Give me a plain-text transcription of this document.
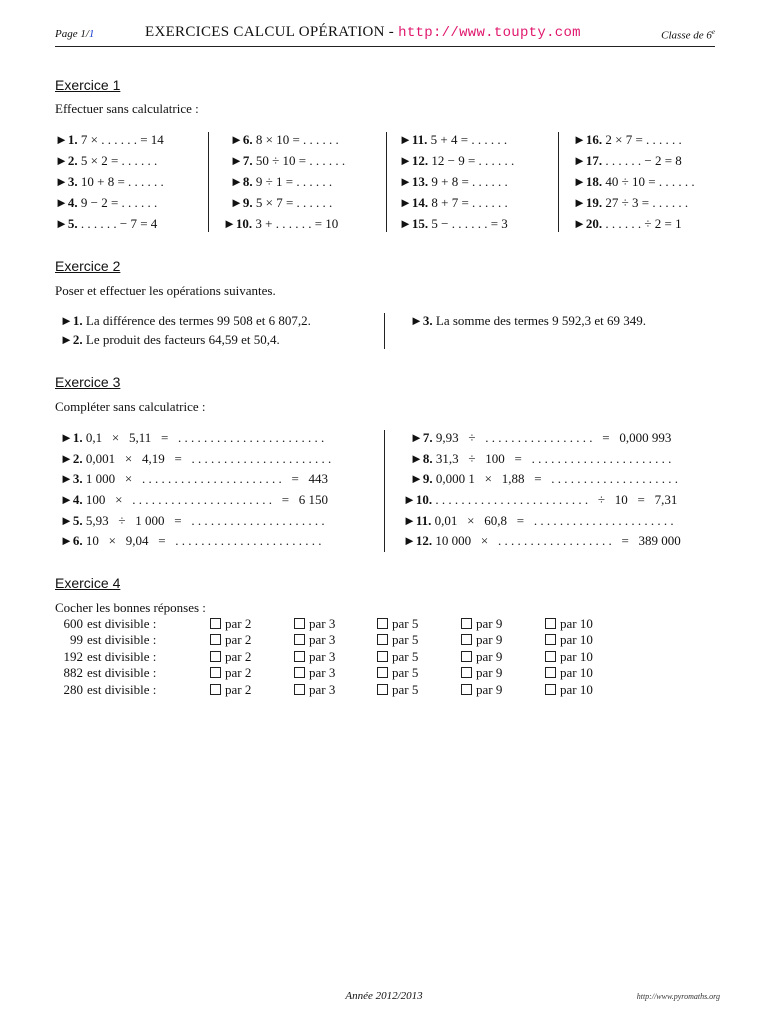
Page 1/1	EXERCICES CALCUL OPÉRATION - http://www.toupty.com	Classe de 6e
Exercice 1
Effectuer sans calculatrice :
►1. 7 × . . . . . . = 14
►2. 5 × 2 = . . . . . .
►3. 10 + 8 = . . . . . .
►4. 9 − 2 = . . . . . .
►5. . . . . . . − 7 = 4
►6. 8 × 10 = . . . . . .
►7. 50 ÷ 10 = . . . . . .
►8. 9 ÷ 1 = . . . . . .
►9. 5 × 7 = . . . . . .
►10. 3 + . . . . . . = 10
►11. 5 + 4 = . . . . . .
►12. 12 − 9 = . . . . . .
►13. 9 + 8 = . . . . . .
►14. 8 + 7 = . . . . . .
►15. 5 − . . . . . . = 3
►16. 2 × 7 = . . . . . .
►17. . . . . . . − 2 = 8
►18. 40 ÷ 10 = . . . . . .
►19. 27 ÷ 3 = . . . . . .
►20. . . . . . . ÷ 2 = 1
Exercice 2
Poser et effectuer les opérations suivantes.
►1. La différence des termes 99 508 et 6 807,2.
►2. Le produit des facteurs 64,59 et 50,4.
►3. La somme des termes 9 592,3 et 69 349.
Exercice 3
Compléter sans calculatrice :
►1. 0,1   ×   5,11   =   . . . . . . . . . . . . . . . . . . . . . . .
►2. 0,001   ×   4,19   =   . . . . . . . . . . . . . . . . . . . . . .
►3. 1 000   ×   . . . . . . . . . . . . . . . . . . . . . .   =   443
►4. 100   ×   . . . . . . . . . . . . . . . . . . . . . .   =   6 150
►5. 5,93   ÷   1 000   =   . . . . . . . . . . . . . . . . . . . . .
►6. 10   ×   9,04   =   . . . . . . . . . . . . . . . . . . . . . . .
►7. 9,93   ÷   . . . . . . . . . . . . . . . . .   =   0,000 993
►8. 31,3   ÷   100   =   . . . . . . . . . . . . . . . . . . . . . .
►9. 0,000 1   ×   1,88   =   . . . . . . . . . . . . . . . . . . . .
►10. . . . . . . . . . . . . . . . . . . . . . . . .   ÷   10   =   7,31
►11. 0,01   ×   60,8   =   . . . . . . . . . . . . . . . . . . . . . .
►12. 10 000   ×   . . . . . . . . . . . . . . . . . .   =   389 000
Exercice 4
Cocher les bonnes réponses :
600 est divisible :	par 2	par 3	par 5	par 9	par 10
99 est divisible :	par 2	par 3	par 5	par 9	par 10
192 est divisible :	par 2	par 3	par 5	par 9	par 10
882 est divisible :	par 2	par 3	par 5	par 9	par 10
280 est divisible :	par 2	par 3	par 5	par 9	par 10
Année 2012/2013	http://www.pyromaths.org
